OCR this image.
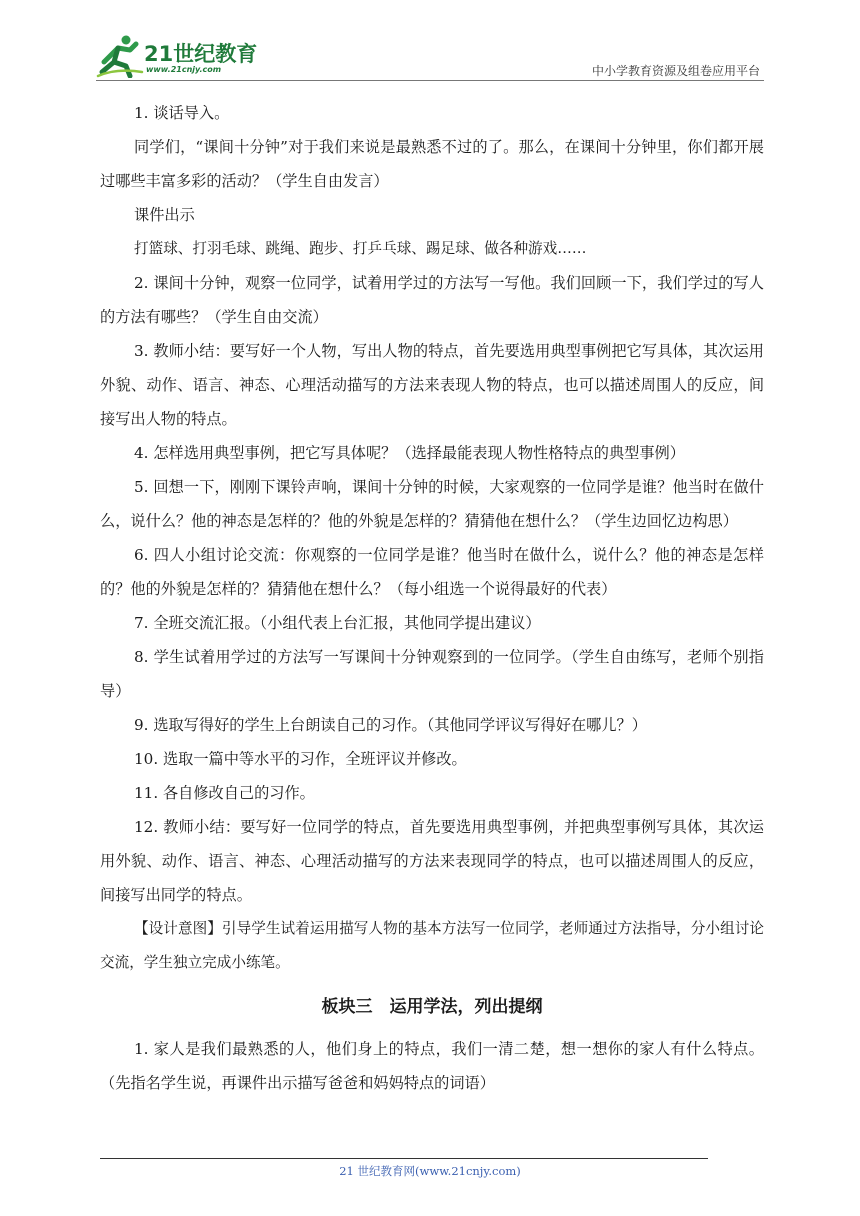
21世纪教育
www.21cnjy.com	中小学教育资源及组卷应用平台

1. 谈话导入。

同学们，“课间十分钟”对于我们来说是最熟悉不过的了。那么，在课间十分钟里，你们都开展过哪些丰富多彩的活动？（学生自由发言）

课件出示

打篮球、打羽毛球、跳绳、跑步、打乒乓球、踢足球、做各种游戏……

2. 课间十分钟，观察一位同学，试着用学过的方法写一写他。我们回顾一下，我们学过的写人的方法有哪些？（学生自由交流）

3. 教师小结：要写好一个人物，写出人物的特点，首先要选用典型事例把它写具体，其次运用外貌、动作、语言、神态、心理活动描写的方法来表现人物的特点，也可以描述周围人的反应，间接写出人物的特点。

4. 怎样选用典型事例，把它写具体呢？（选择最能表现人物性格特点的典型事例）

5. 回想一下，刚刚下课铃声响，课间十分钟的时候，大家观察的一位同学是谁？他当时在做什么，说什么？他的神态是怎样的？他的外貌是怎样的？猜猜他在想什么？（学生边回忆边构思）

6. 四人小组讨论交流：你观察的一位同学是谁？他当时在做什么，说什么？他的神态是怎样的？他的外貌是怎样的？猜猜他在想什么？（每小组选一个说得最好的代表）

7. 全班交流汇报。（小组代表上台汇报，其他同学提出建议）

8. 学生试着用学过的方法写一写课间十分钟观察到的一位同学。（学生自由练写，老师个别指导）

9. 选取写得好的学生上台朗读自己的习作。（其他同学评议写得好在哪儿？）

10. 选取一篇中等水平的习作，全班评议并修改。

11. 各自修改自己的习作。

12. 教师小结：要写好一位同学的特点，首先要选用典型事例，并把典型事例写具体，其次运用外貌、动作、语言、神态、心理活动描写的方法来表现同学的特点，也可以描述周围人的反应，间接写出同学的特点。

【设计意图】引导学生试着运用描写人物的基本方法写一位同学，老师通过方法指导，分小组讨论交流，学生独立完成小练笔。

板块三　运用学法，列出提纲

1. 家人是我们最熟悉的人，他们身上的特点，我们一清二楚，想一想你的家人有什么特点。（先指名学生说，再课件出示描写爸爸和妈妈特点的词语）

21 世纪教育网(www.21cnjy.com)
